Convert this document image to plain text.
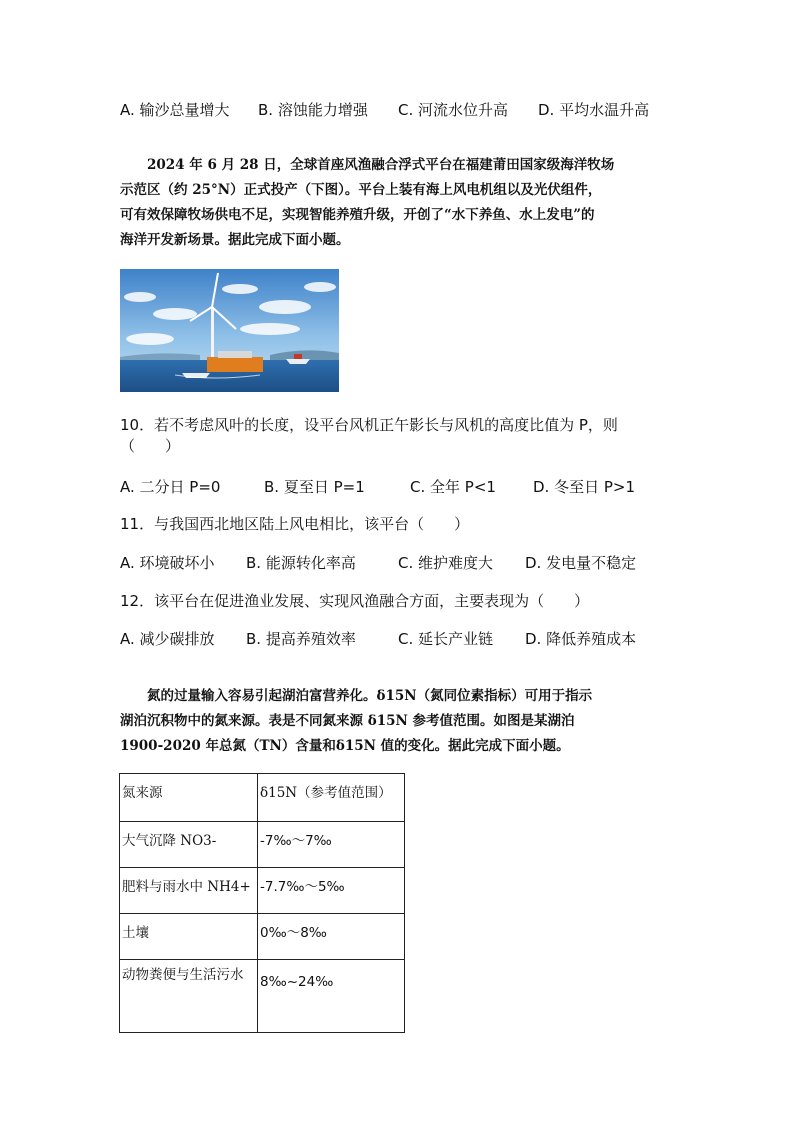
A. 输沙总量增大 B. 溶蚀能力增强 C. 河流水位升高 D. 平均水温升高

2024 年 6 月 28 日，全球首座风渔融合浮式平台在福建莆田国家级海洋牧场

示范区（约 25°N）正式投产（下图）。平台上装有海上风电机组以及光伏组件，

可有效保障牧场供电不足，实现智能养殖升级，开创了“水下养鱼、水上发电”的

海洋开发新场景。据此完成下面小题。

10．若不考虑风叶的长度，设平台风机正午影长与风机的高度比值为 P，则
（　　）
A. 二分日 P=0	B. 夏至日 P=1	C. 全年 P<1 D. 冬至日 P>1
11．与我国西北地区陆上风电相比，该平台（　　）
A. 环境破坏小 B. 能源转化率高	C. 维护难度大 D. 发电量不稳定
12．该平台在促进渔业发展、实现风渔融合方面，主要表现为（　　）
A. 减少碳排放 B. 提高养殖效率	C. 延长产业链 D. 降低养殖成本

氮的过量输入容易引起湖泊富营养化。δ15N（氮同位素指标）可用于指示

湖泊沉积物中的氮来源。表是不同氮来源 δ15N 参考值范围。如图是某湖泊

1900-2020 年总氮（TN）含量和δ15N 值的变化。据此完成下面小题。

氮来源	δ15N（参考值范围）
大气沉降 NO3-	-7‰～7‰
肥料与雨水中 NH4+	-7.7‰～5‰
土壤	0‰～8‰
动物粪便与生活污水	8‰~24‰
